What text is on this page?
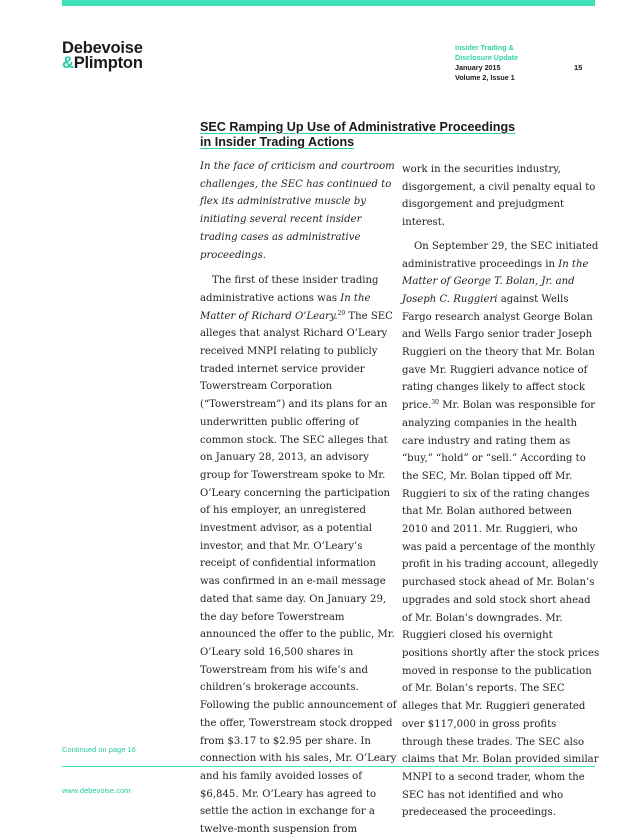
Debevoise
&Plimpton
Insider Trading &
Disclosure Update
January 2015
Volume 2, Issue 1
15
SEC Ramping Up Use of Administrative Proceedings
in Insider Trading Actions

In the face of criticism and courtroom challenges, the SEC has continued to flex its administrative muscle by initiating several recent insider trading cases as administrative proceedings.

The first of these insider trading administrative actions was In the Matter of Richard O’Leary.$^{29}$ The SEC alleges that analyst Richard O’Leary received MNPI relating to publicly traded internet service provider Towerstream Corporation (“Towerstream”) and its plans for an underwritten public offering of common stock. The SEC alleges that on January 28, 2013, an advisory group for Towerstream spoke to Mr. O’Leary concerning the participation of his employer, an unregistered investment advisor, as a potential investor, and that Mr. O’Leary’s receipt of confidential information was confirmed in an e-mail message dated that same day. On January 29, the day before Towerstream announced the offer to the public, Mr. O’Leary sold 16,500 shares in Towerstream from his wife’s and children’s brokerage accounts. Following the public announcement of the offer, Towerstream stock dropped from $3.17 to $2.95 per share. In connection with his sales, Mr. O’Leary and his family avoided losses of $6,845. Mr. O’Leary has agreed to settle the action in exchange for a twelve-month suspension from

work in the securities industry, disgorgement, a civil penalty equal to disgorgement and prejudgment interest.

On September 29, the SEC initiated administrative proceedings in In the Matter of George T. Bolan, Jr. and Joseph C. Ruggieri against Wells Fargo research analyst George Bolan and Wells Fargo senior trader Joseph Ruggieri on the theory that Mr. Bolan gave Mr. Ruggieri advance notice of rating changes likely to affect stock price.$^{30}$ Mr. Bolan was responsible for analyzing companies in the health care industry and rating them as “buy,” “hold” or “sell.” According to the SEC, Mr. Bolan tipped off Mr. Ruggieri to six of the rating changes that Mr. Bolan authored between 2010 and 2011. Mr. Ruggieri, who was paid a percentage of the monthly profit in his trading account, allegedly purchased stock ahead of Mr. Bolan’s upgrades and sold stock short ahead of Mr. Bolan’s downgrades. Mr. Ruggieri closed his overnight positions shortly after the stock prices moved in response to the publication of Mr. Bolan’s reports. The SEC alleges that Mr. Ruggieri generated over $117,000 in gross profits through these trades. The SEC also claims that Mr. Bolan provided similar MNPI to a second trader, whom the SEC has not identified and who predeceased the proceedings.

Continued on page 16
www.debevoise.com
